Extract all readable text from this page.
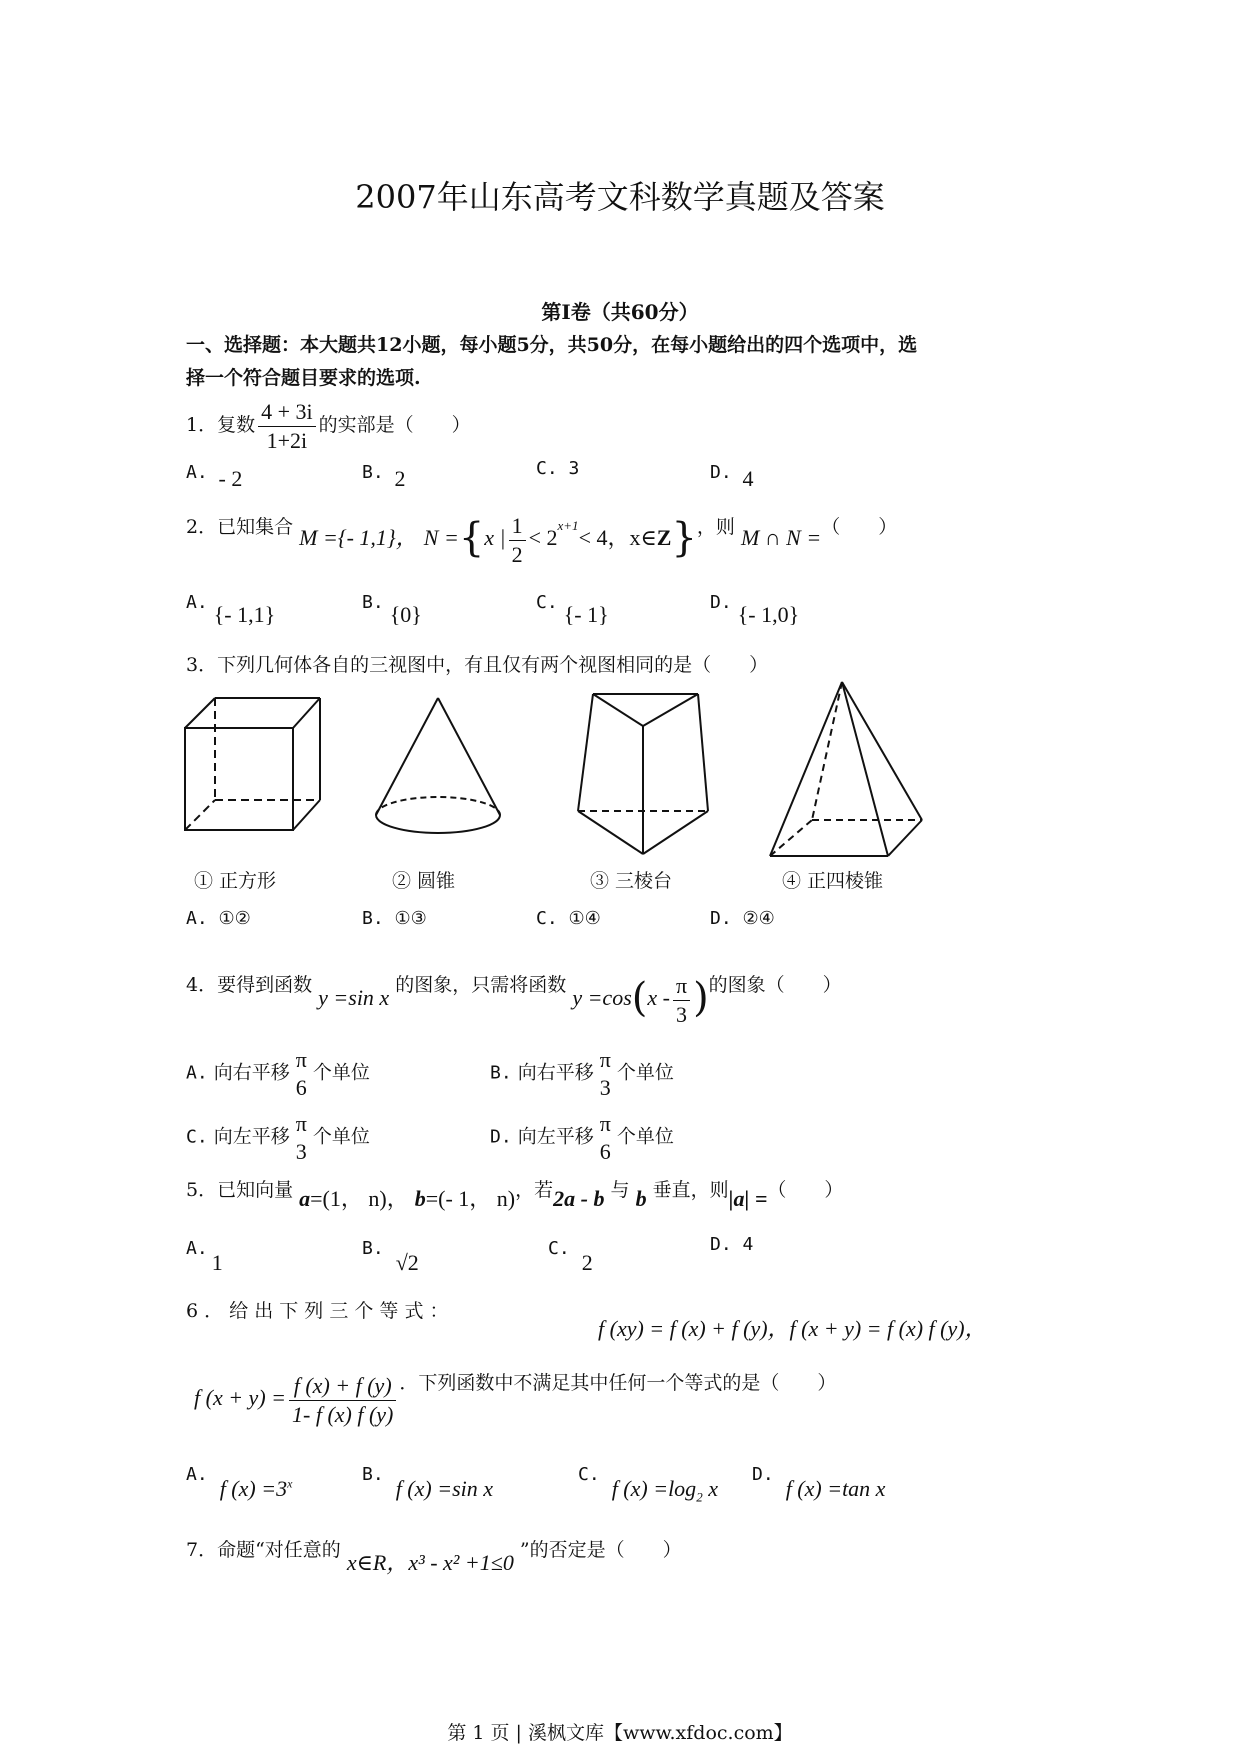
2007年山东高考文科数学真题及答案
第Ⅰ卷（共60分）
一、选择题：本大题共12小题，每小题5分，共50分，在每小题给出的四个选项中，选
择一个符合题目要求的选项.
1．复数 $\frac{4 + 3i}{1+2i}$ 的实部是（　　）
A. - 2	B. 2	C. 3	D. 4
2．已知集合 M ={- 1,1}， N ={x | $\frac{1}{2} < 2^{x+1}< 4$，x∈Z}，则 M ∩ N =（　　）
A. {- 1,1}	B. {0}	C. {- 1}	D. {- 1,0}
3．下列几何体各自的三视图中，有且仅有两个视图相同的是（　　）
① 正方形	② 圆锥	③ 三棱台	④ 正四棱锥
A. ①②	B. ①③	C. ①④	D. ②④
4．要得到函数 y =sin x 的图象，只需将函数 $y =\cos(x - \frac{\pi}{3}$ )的图象（　　）
A. 向右平移
π
6
个单位	B. 向右平移
π
3
个单位
C. 向左平移
π
3
个单位	D. 向左平移
π
6
个单位
5．已知向量 a=(1， n)， b=(- 1， n)，若2a - b 与 b 垂直，则|a| =（　　）
A.1
B.√2
C.2
D. 4
6 ． 给 出 下 列 三 个 等 式 ：
f (xy) = f (x) + f (y)，f (x + y) = f (x) f (y)，
f $(x + y) = \frac{f (x) + f (y)}{1- f (x) f (y)}$ ．下列函数中不满足其中任何一个等式的是（　　）
A.f $(x) =3^x$	B.f (x) =sin x
C.f $(x) =\log_2$ x
D.f (x) =tan x
7．命题“对任意的 x∈R，x³ - x² +1≤0 ”的否定是（　　）
第 1 页 | 溪枫文库【www.xfdoc.com】
